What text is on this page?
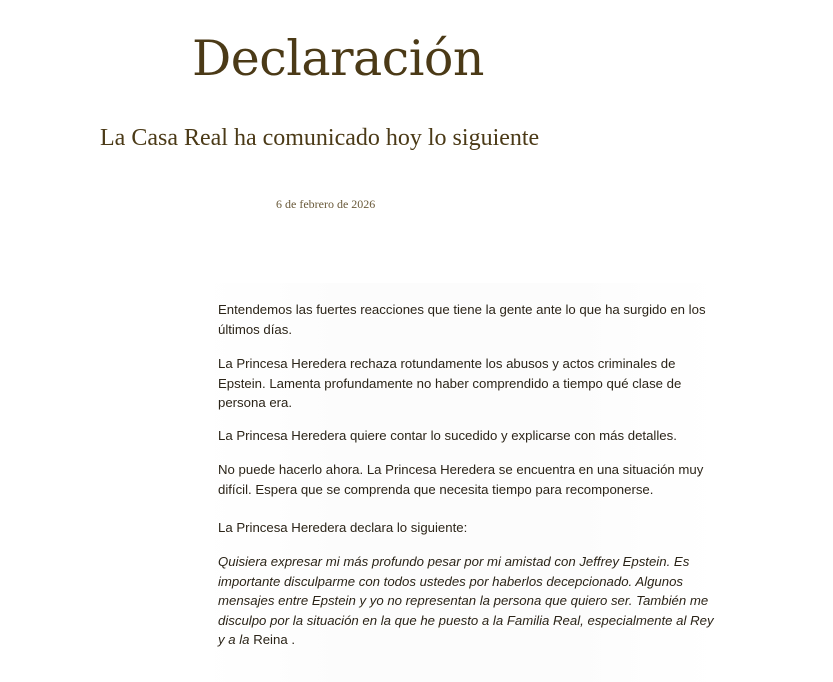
Declaración
La Casa Real ha comunicado hoy lo siguiente
6 de febrero de 2026

Entendemos las fuertes reacciones que tiene la gente ante lo que ha surgido en los últimos días.

La Princesa Heredera rechaza rotundamente los abusos y actos criminales de Epstein. Lamenta profundamente no haber comprendido a tiempo qué clase de persona era.

La Princesa Heredera quiere contar lo sucedido y explicarse con más detalles.

No puede hacerlo ahora. La Princesa Heredera se encuentra en una situación muy difícil. Espera que se comprenda que necesita tiempo para recomponerse.

La Princesa Heredera declara lo siguiente:

Quisiera expresar mi más profundo pesar por mi amistad con Jeffrey Epstein. Es importante disculparme con todos ustedes por haberlos decepcionado. Algunos mensajes entre Epstein y yo no representan la persona que quiero ser. También me disculpo por la situación en la que he puesto a la Familia Real, especialmente al Rey y a la Reina .
